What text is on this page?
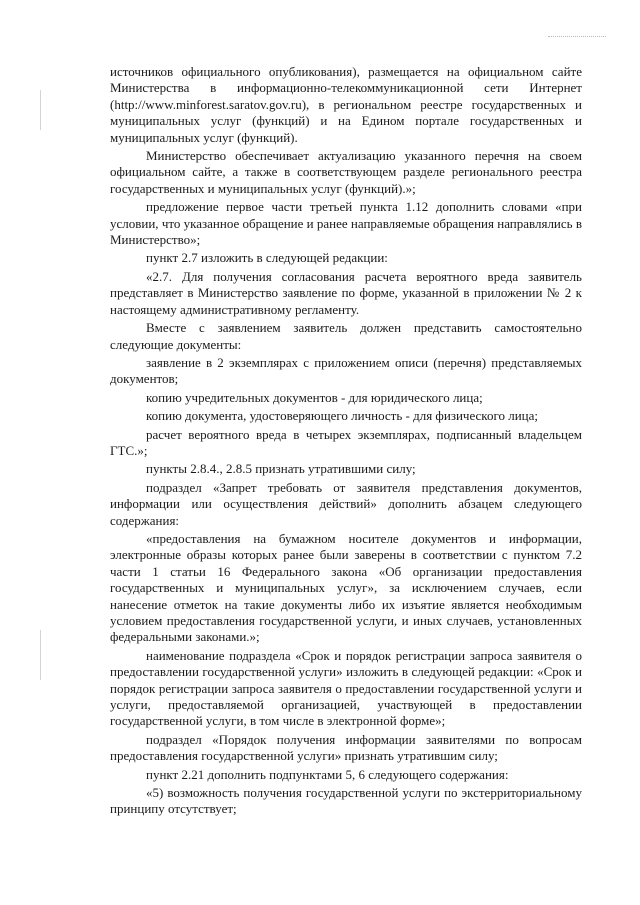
источников официального опубликования), размещается на официальном сайте Министерства в информационно-телекоммуникационной сети Интернет (http://www.minforest.saratov.gov.ru), в региональном реестре государственных и муниципальных услуг (функций) и на Едином портале государственных и муниципальных услуг (функций).

Министерство обеспечивает актуализацию указанного перечня на своем официальном сайте, а также в соответствующем разделе регионального реестра государственных и муниципальных услуг (функций).»;

предложение первое части третьей пункта 1.12 дополнить словами «при условии, что указанное обращение и ранее направляемые обращения направлялись в Министерство»;

пункт 2.7 изложить в следующей редакции:

«2.7. Для получения согласования расчета вероятного вреда заявитель представляет в Министерство заявление по форме, указанной в приложении № 2 к настоящему административному регламенту.

Вместе с заявлением заявитель должен представить самостоятельно следующие документы:

заявление в 2 экземплярах с приложением описи (перечня) представляемых документов;

копию учредительных документов - для юридического лица;

копию документа, удостоверяющего личность - для физического лица;

расчет вероятного вреда в четырех экземплярах, подписанный владельцем ГТС.»;

пункты 2.8.4., 2.8.5 признать утратившими силу;

подраздел «Запрет требовать от заявителя представления документов, информации или осуществления действий» дополнить абзацем следующего содержания:

«предоставления на бумажном носителе документов и информации, электронные образы которых ранее были заверены в соответствии с пунктом 7.2 части 1 статьи 16 Федерального закона «Об организации предоставления государственных и муниципальных услуг», за исключением случаев, если нанесение отметок на такие документы либо их изъятие является необходимым условием предоставления государственной услуги, и иных случаев, установленных федеральными законами.»;

наименование подраздела «Срок и порядок регистрации запроса заявителя о предоставлении государственной услуги» изложить в следующей редакции: «Срок и порядок регистрации запроса заявителя о предоставлении государственной услуги и услуги, предоставляемой организацией, участвующей в предоставлении государственной услуги, в том числе в электронной форме»;

подраздел «Порядок получения информации заявителями по вопросам предоставления государственной услуги» признать утратившим силу;

пункт 2.21 дополнить подпунктами 5, 6 следующего содержания:

«5) возможность получения государственной услуги по экстерриториальному принципу отсутствует;
